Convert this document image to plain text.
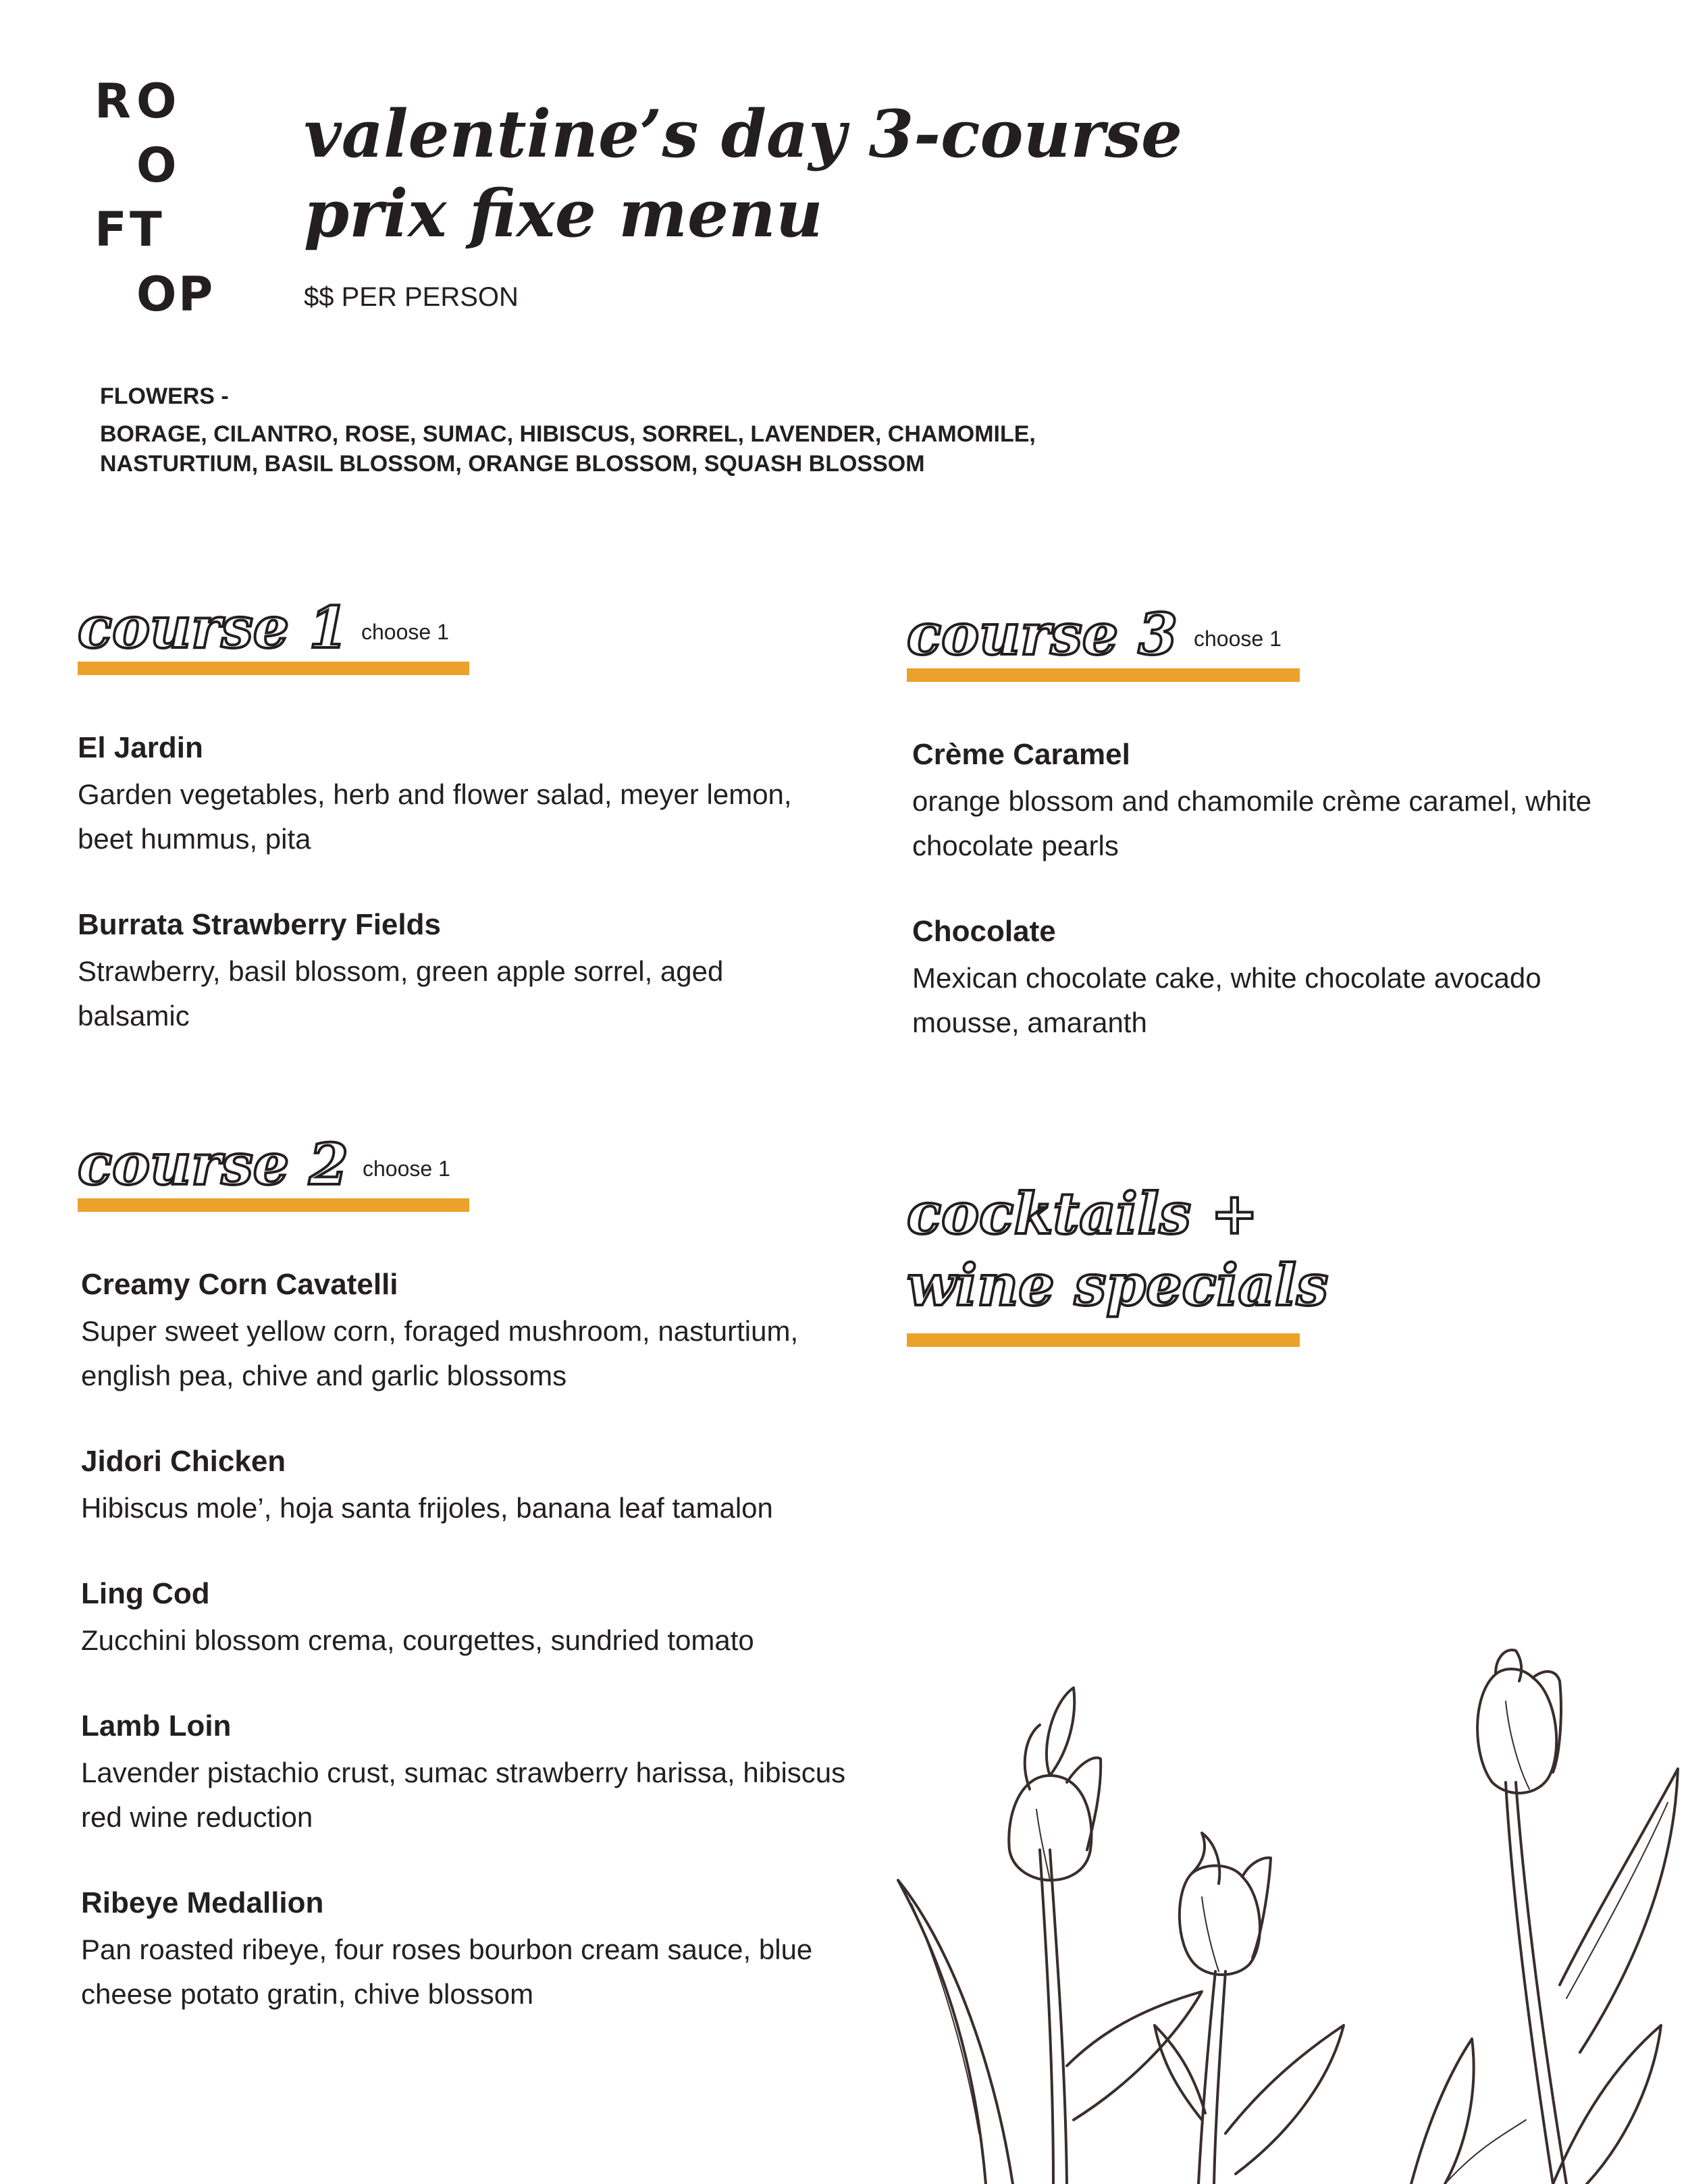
R
O
O
F
T
O
P
valentine’s day 3-course
prix fixe menu
$$ PER PERSON
FLOWERS -
BORAGE, CILANTRO, ROSE, SUMAC, HIBISCUS, SORREL, LAVENDER, CHAMOMILE,
NASTURTIUM, BASIL BLOSSOM, ORANGE BLOSSOM, SQUASH BLOSSOM
course 1 choose 1
El Jardin
Garden vegetables, herb and flower salad, meyer lemon,
beet hummus, pita
Burrata Strawberry Fields
Strawberry, basil blossom, green apple sorrel, aged balsamic
course 2 choose 1
Creamy Corn Cavatelli
Super sweet yellow corn, foraged mushroom, nasturtium,
english pea, chive and garlic blossoms
Jidori Chicken
Hibiscus mole’, hoja santa frijoles, banana leaf tamalon
Ling Cod
Zucchini blossom crema, courgettes, sundried tomato
Lamb Loin
Lavender pistachio crust, sumac strawberry harissa, hibiscus
red wine reduction
Ribeye Medallion
Pan roasted ribeye, four roses bourbon cream sauce, blue
cheese potato gratin, chive blossom
course 3 choose 1
Crème Caramel
orange blossom and chamomile crème caramel, white
chocolate pearls
Chocolate
Mexican chocolate cake, white chocolate avocado
mousse, amaranth
cocktails +
wine specials
